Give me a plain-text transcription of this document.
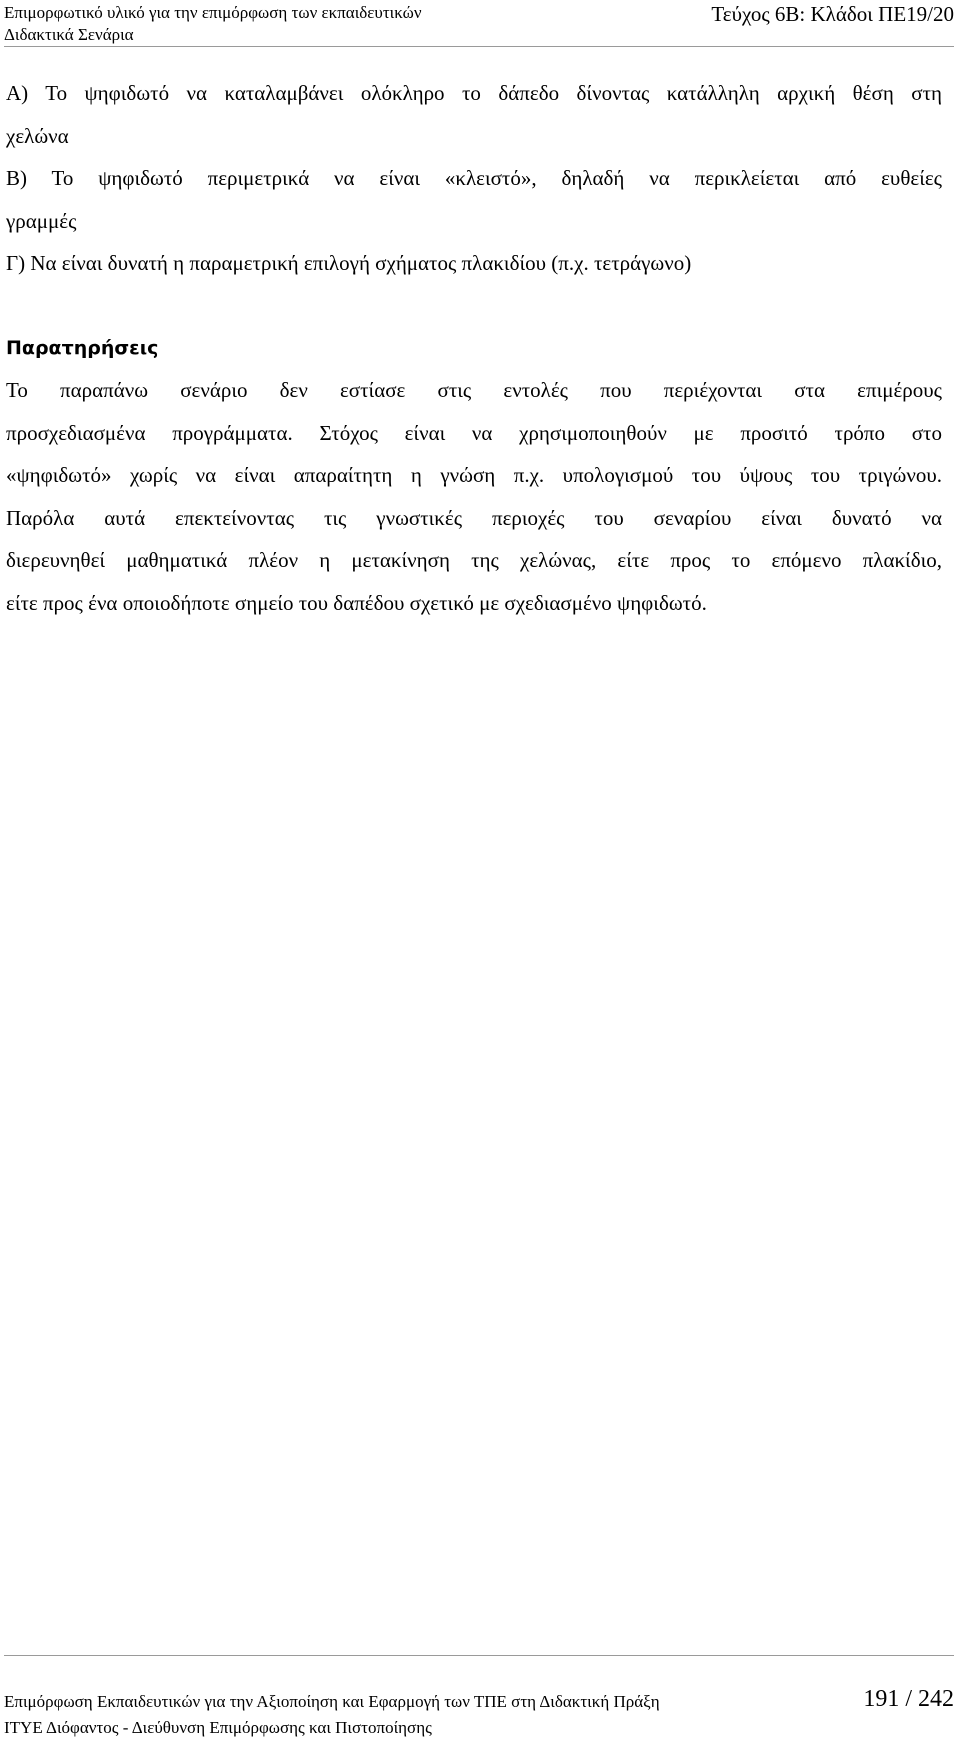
Επιμορφωτικό υλικό για την επιμόρφωση των εκπαιδευτικών
Διδακτικά Σενάρια
Τεύχος 6Β: Κλάδοι ΠΕ19/20
Α) Το ψηφιδωτό να καταλαμβάνει ολόκληρο το δάπεδο δίνοντας κατάλληλη αρχική θέση στη
χελώνα
Β) Το ψηφιδωτό περιμετρικά να είναι «κλειστό», δηλαδή να περικλείεται από ευθείες
γραμμές
Γ) Να είναι δυνατή η παραμετρική επιλογή σχήματος πλακιδίου (π.χ. τετράγωνο)
Παρατηρήσεις
Το παραπάνω σενάριο δεν εστίασε στις εντολές που περιέχονται στα επιμέρους
προσχεδιασμένα προγράμματα. Στόχος είναι να χρησιμοποιηθούν με προσιτό τρόπο στο
«ψηφιδωτό» χωρίς να είναι απαραίτητη η γνώση π.χ. υπολογισμού του ύψους του τριγώνου.
Παρόλα αυτά επεκτείνοντας τις γνωστικές περιοχές του σεναρίου είναι δυνατό να
διερευνηθεί μαθηματικά πλέον η μετακίνηση της χελώνας, είτε προς το επόμενο πλακίδιο,
είτε προς ένα οποιοδήποτε σημείο του δαπέδου σχετικό με σχεδιασμένο ψηφιδωτό.
Επιμόρφωση Εκπαιδευτικών για την Αξιοποίηση και Εφαρμογή των ΤΠΕ στη Διδακτική Πράξη
ΙΤΥΕ Διόφαντος - Διεύθυνση Επιμόρφωσης και Πιστοποίησης
191 / 242
